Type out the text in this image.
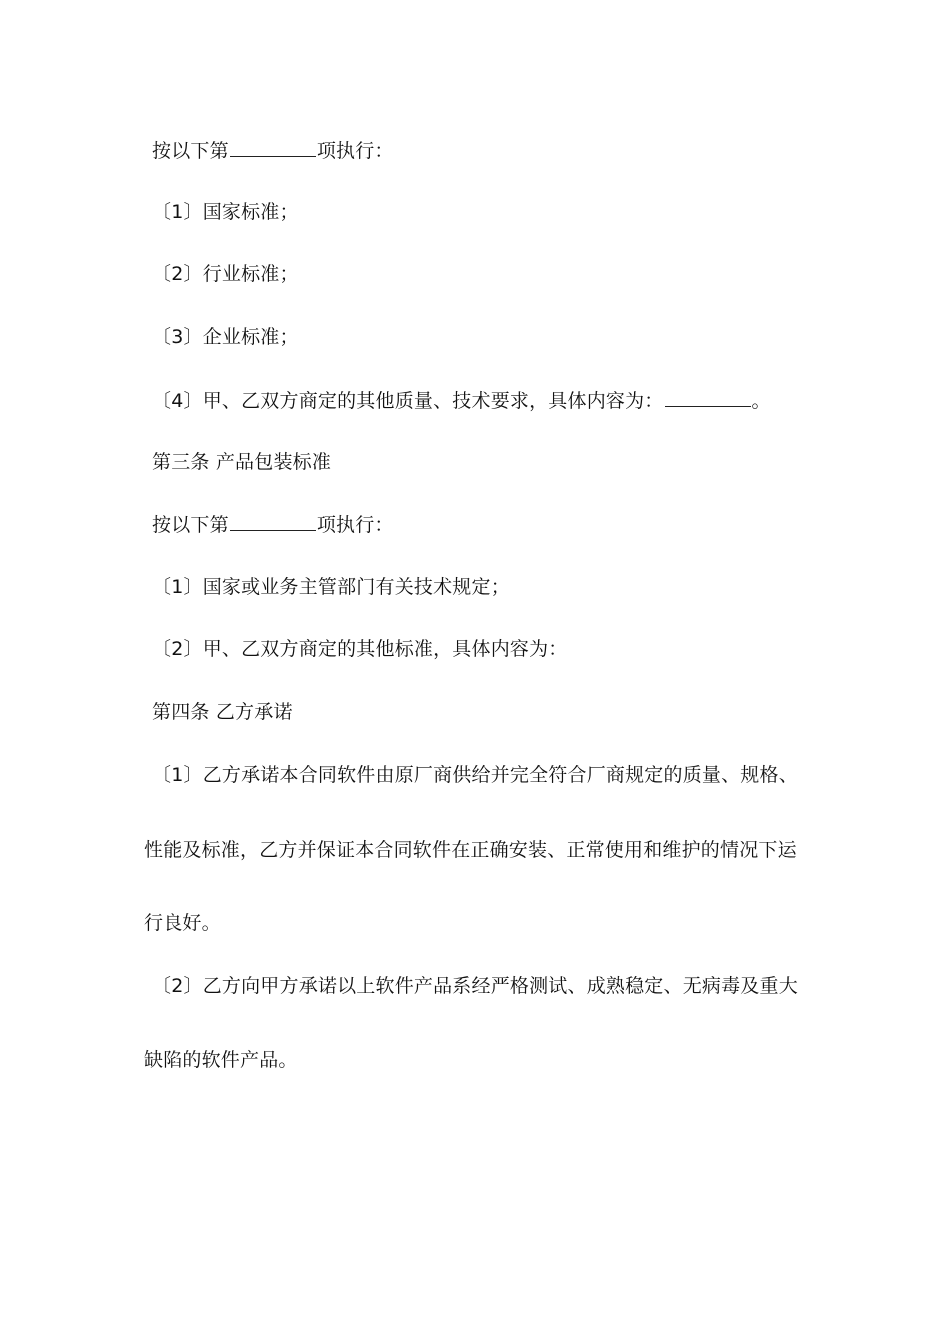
按以下第	项执行：
〔1〕国家标准；
〔2〕行业标准；
〔3〕企业标准；
〔4〕甲、乙双方商定的其他质量、技术要求，具体内容为：	。
第三条 产品包装标准
按以下第	项执行：
〔1〕国家或业务主管部门有关技术规定；
〔2〕甲、乙双方商定的其他标准，具体内容为：
第四条 乙方承诺
〔1〕乙方承诺本合同软件由原厂商供给并完全符合厂商规定的质量、规格、
性能及标准，乙方并保证本合同软件在正确安装、正常使用和维护的情况下运
行良好。
〔2〕乙方向甲方承诺以上软件产品系经严格测试、成熟稳定、无病毒及重大
缺陷的软件产品。
